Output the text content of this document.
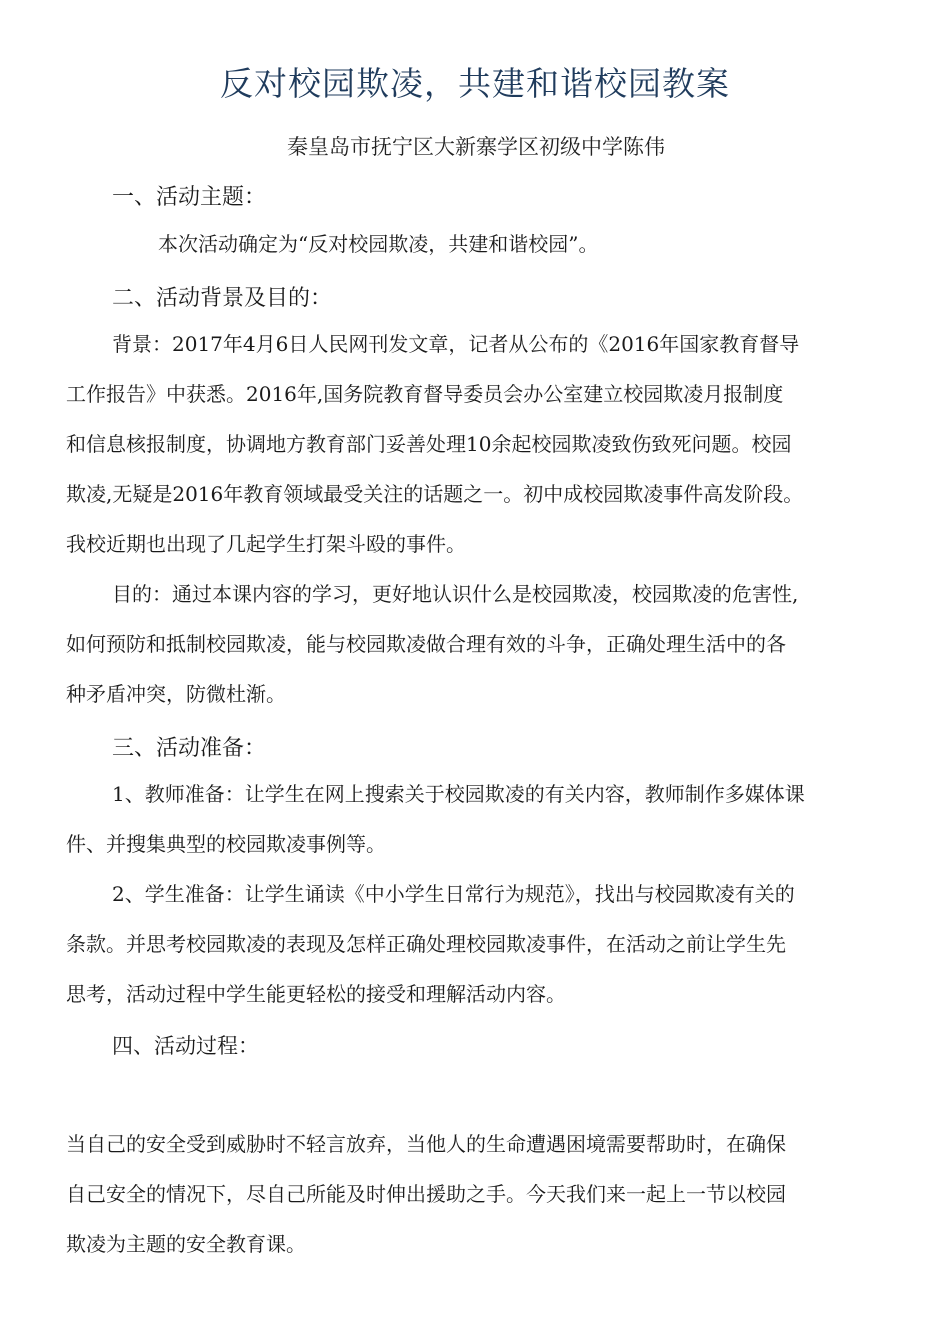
反对校园欺凌，共建和谐校园教案
秦皇岛市抚宁区大新寨学区初级中学陈伟
一、活动主题：
本次活动确定为“反对校园欺凌，共建和谐校园”。
二、活动背景及目的：
背景：2017年4月6日人民网刊发文章，记者从公布的《2016年国家教育督导
工作报告》中获悉。2016年,国务院教育督导委员会办公室建立校园欺凌月报制度
和信息核报制度，协调地方教育部门妥善处理10余起校园欺凌致伤致死问题。校园
欺凌,无疑是2016年教育领域最受关注的话题之一。初中成校园欺凌事件高发阶段。
我校近期也出现了几起学生打架斗殴的事件。
目的：通过本课内容的学习，更好地认识什么是校园欺凌，校园欺凌的危害性,
如何预防和抵制校园欺凌，能与校园欺凌做合理有效的斗争，正确处理生活中的各
种矛盾冲突，防微杜渐。
三、活动准备：
1、教师准备：让学生在网上搜索关于校园欺凌的有关内容，教师制作多媒体课
件、并搜集典型的校园欺凌事例等。
2、学生准备：让学生诵读《中小学生日常行为规范》，找出与校园欺凌有关的
条款。并思考校园欺凌的表现及怎样正确处理校园欺凌事件，在活动之前让学生先
思考，活动过程中学生能更轻松的接受和理解活动内容。
四、活动过程：
当自己的安全受到威胁时不轻言放弃，当他人的生命遭遇困境需要帮助时，在确保
自己安全的情况下，尽自己所能及时伸出援助之手。今天我们来一起上一节以校园
欺凌为主题的安全教育课。
